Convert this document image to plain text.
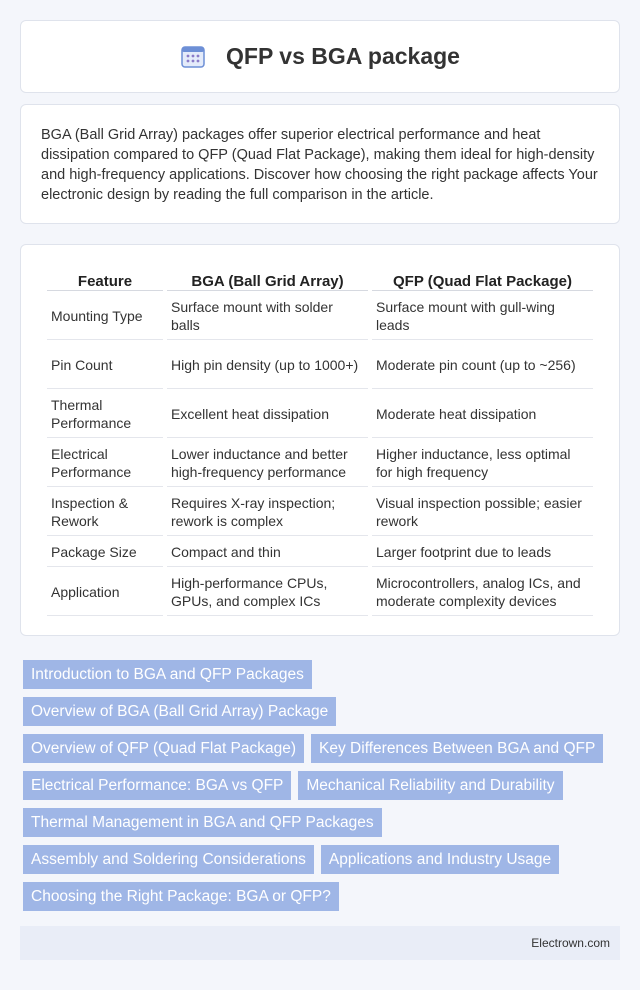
QFP vs BGA package

BGA (Ball Grid Array) packages offer superior electrical performance and heat dissipation compared to QFP (Quad Flat Package), making them ideal for high-density and high-frequency applications. Discover how choosing the right package affects Your electronic design by reading the full comparison in the article.

Feature	BGA (Ball Grid Array)	QFP (Quad Flat Package)
Mounting Type	Surface mount with solder balls	Surface mount with gull-wing leads
Pin Count	High pin density (up to 1000+)	Moderate pin count (up to ~256)
Thermal Performance	Excellent heat dissipation	Moderate heat dissipation
Electrical Performance	Lower inductance and better high-frequency performance	Higher inductance, less optimal for high frequency
Inspection & Rework	Requires X-ray inspection; rework is complex	Visual inspection possible; easier rework
Package Size	Compact and thin	Larger footprint due to leads
Application	High-performance CPUs, GPUs, and complex ICs	Microcontrollers, analog ICs, and moderate complexity devices
Introduction to BGA and QFP Packages
Overview of BGA (Ball Grid Array) Package
Overview of QFP (Quad Flat Package)	Key Differences Between BGA and QFP
Electrical Performance: BGA vs QFP	Mechanical Reliability and Durability
Thermal Management in BGA and QFP Packages
Assembly and Soldering Considerations	Applications and Industry Usage
Choosing the Right Package: BGA or QFP?
Electrown.com
